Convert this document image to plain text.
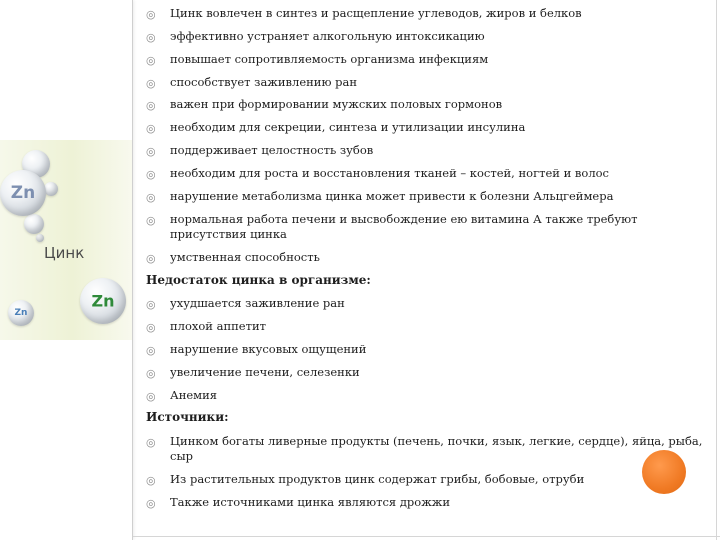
Zn
Zn
Zn
Цинк
◎ Цинк вовлечен в синтез и расщепление углеводов, жиров и белков
◎ эффективно устраняет алкогольную интоксикацию
◎ повышает сопротивляемость организма инфекциям
◎ способствует заживлению ран
◎ важен при формировании мужских половых гормонов
◎ необходим для секреции, синтеза и утилизации инсулина
◎ поддерживает целостность зубов
◎ необходим для роста и восстановления тканей – костей, ногтей и волос
◎ нарушение метаболизма цинка может привести к болезни Альцгеймера
◎ нормальная работа печени и высвобождение ею витамина А также требуют присутствия цинка
◎ умственная способность
Недостаток цинка в организме:
◎ ухудшается заживление ран
◎ плохой аппетит
◎ нарушение вкусовых ощущений
◎ увеличение печени, селезенки
◎ Анемия
Источники:
◎ Цинком богаты ливерные продукты (печень, почки, язык, легкие, сердце), яйца, рыба, сыр
◎ Из растительных продуктов цинк содержат грибы, бобовые, отруби
◎ Также источниками цинка являются дрожжи
